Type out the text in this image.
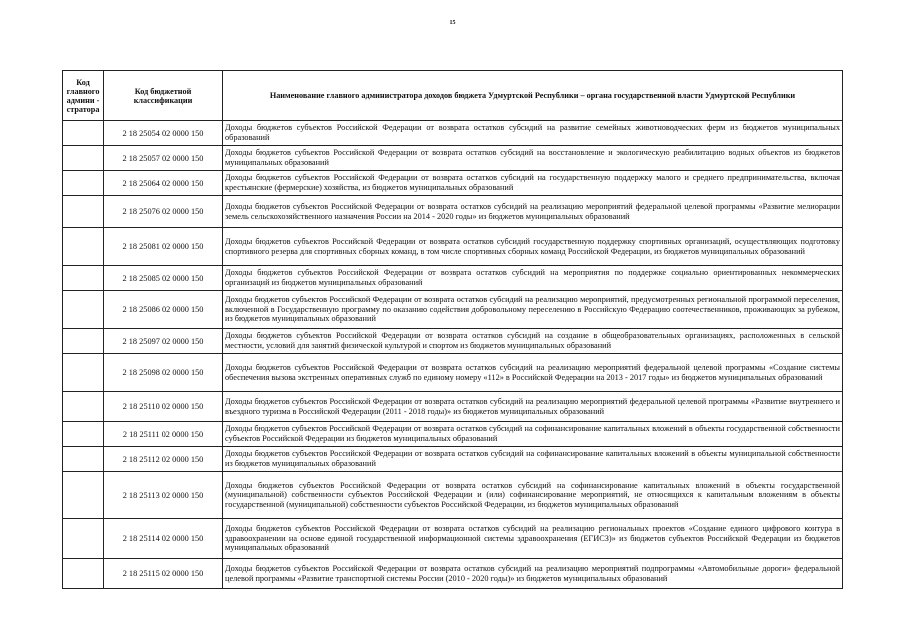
15
Код главного админи - стратора	Код бюджетной классификации	Наименование главного администратора доходов бюджета Удмуртской Республики – органа государственной власти Удмуртской Республики
	2 18 25054 02 0000 150	Доходы бюджетов субъектов Российской Федерации от возврата остатков субсидий на развитие семейных животноводческих ферм из бюджетов муниципальных образований
	2 18 25057 02 0000 150	Доходы бюджетов субъектов Российской Федерации от возврата остатков субсидий на восстановление и экологическую реабилитацию водных объектов из бюджетов муниципальных образований
	2 18 25064 02 0000 150	Доходы бюджетов субъектов Российской Федерации от возврата остатков субсидий на государственную поддержку малого и среднего предпринимательства, включая крестьянские (фермерские) хозяйства, из бюджетов муниципальных образований
	2 18 25076 02 0000 150	Доходы бюджетов субъектов Российской Федерации от возврата остатков субсидий на реализацию мероприятий федеральной целевой программы «Развитие мелиорации земель сельскохозяйственного назначения России на 2014 - 2020 годы» из бюджетов муниципальных образований
	2 18 25081 02 0000 150	Доходы бюджетов субъектов Российской Федерации от возврата остатков субсидий государственную поддержку спортивных организаций, осуществляющих подготовку спортивного резерва для спортивных сборных команд, в том числе спортивных сборных команд Российской Федерации, из бюджетов муниципальных образований
	2 18 25085 02 0000 150	Доходы бюджетов субъектов Российской Федерации от возврата остатков субсидий на мероприятия по поддержке социально ориентированных некоммерческих организаций из бюджетов муниципальных образований
	2 18 25086 02 0000 150	Доходы бюджетов субъектов Российской Федерации от возврата остатков субсидий на реализацию мероприятий, предусмотренных региональной программой переселения, включенной в Государственную программу по оказанию содействия добровольному переселению в Российскую Федерацию соотечественников, проживающих за рубежом, из бюджетов муниципальных образований
	2 18 25097 02 0000 150	Доходы бюджетов субъектов Российской Федерации от возврата остатков субсидий на создание в общеобразовательных организациях, расположенных в сельской местности, условий для занятий физической культурой и спортом из бюджетов муниципальных образований
	2 18 25098 02 0000 150	Доходы бюджетов субъектов Российской Федерации от возврата остатков субсидий на реализацию мероприятий федеральной целевой программы «Создание системы обеспечения вызова экстренных оперативных служб по единому номеру «112» в Российской Федерации на 2013 - 2017 годы» из бюджетов муниципальных образований
	2 18 25110 02 0000 150	Доходы бюджетов субъектов Российской Федерации от возврата остатков субсидий на реализацию мероприятий федеральной целевой программы «Развитие внутреннего и въездного туризма в Российской Федерации (2011 - 2018 годы)» из бюджетов муниципальных образований
	2 18 25111 02 0000 150	Доходы бюджетов субъектов Российской Федерации от возврата остатков субсидий на софинансирование капитальных вложений в объекты государственной собственности субъектов Российской Федерации из бюджетов муниципальных образований
	2 18 25112 02 0000 150	Доходы бюджетов субъектов Российской Федерации от возврата остатков субсидий на софинансирование капитальных вложений в объекты муниципальной собственности из бюджетов муниципальных образований
	2 18 25113 02 0000 150	Доходы бюджетов субъектов Российской Федерации от возврата остатков субсидий на софинансирование капитальных вложений в объекты государственной (муниципальной) собственности субъектов Российской Федерации и (или) софинансирование мероприятий, не относящихся к капитальным вложениям в объекты государственной (муниципальной) собственности субъектов Российской Федерации, из бюджетов муниципальных образований
	2 18 25114 02 0000 150	Доходы бюджетов субъектов Российской Федерации от возврата остатков субсидий на реализацию региональных проектов «Создание единого цифрового контура в здравоохранении на основе единой государственной информационной системы здравоохранения (ЕГИСЗ)» из бюджетов субъектов Российской Федерации из бюджетов муниципальных образований
	2 18 25115 02 0000 150	Доходы бюджетов субъектов Российской Федерации от возврата остатков субсидий на реализацию мероприятий подпрограммы «Автомобильные дороги» федеральной целевой программы «Развитие транспортной системы России (2010 - 2020 годы)» из бюджетов муниципальных образований
